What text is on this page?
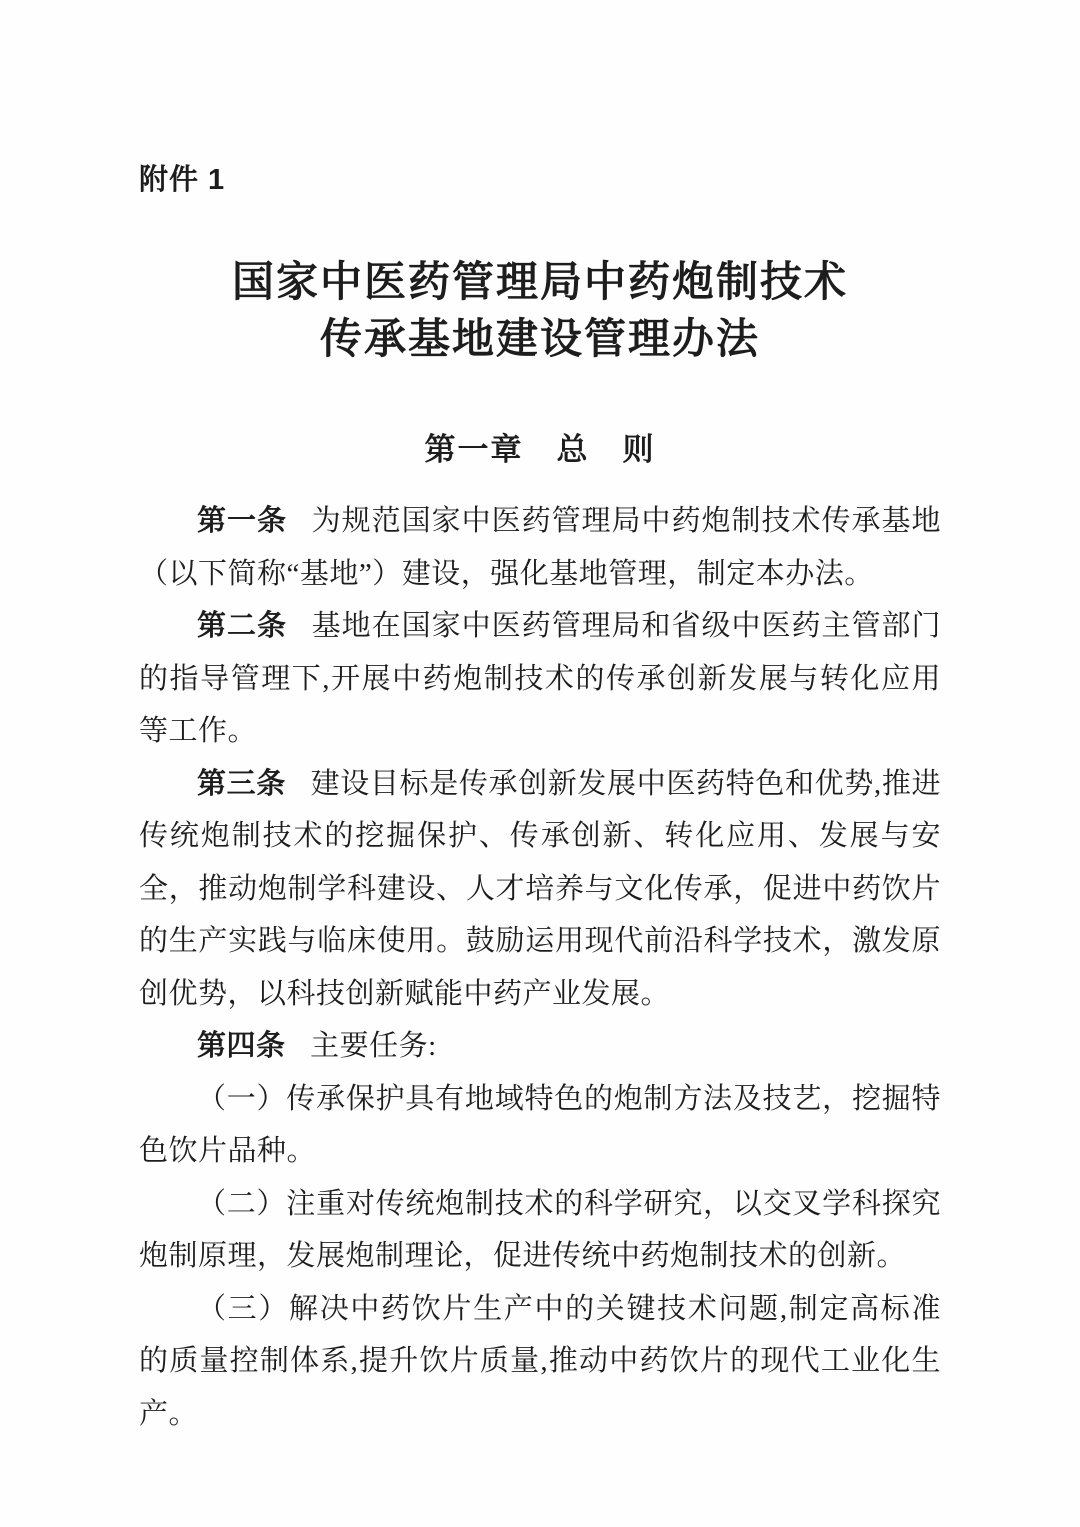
附件 1
国家中医药管理局中药炮制技术
传承基地建设管理办法
第一章　总　则

第一条 为规范国家中医药管理局中药炮制技术传承基地（以下简称“基地”）建设，强化基地管理，制定本办法。

第二条 基地在国家中医药管理局和省级中医药主管部门的指导管理下,开展中药炮制技术的传承创新发展与转化应用等工作。

第三条 建设目标是传承创新发展中医药特色和优势,推进传统炮制技术的挖掘保护、传承创新、转化应用、发展与安全，推动炮制学科建设、人才培养与文化传承，促进中药饮片的生产实践与临床使用。鼓励运用现代前沿科学技术，激发原创优势，以科技创新赋能中药产业发展。

第四条 主要任务:

（一）传承保护具有地域特色的炮制方法及技艺，挖掘特色饮片品种。

（二）注重对传统炮制技术的科学研究，以交叉学科探究炮制原理，发展炮制理论，促进传统中药炮制技术的创新。

（三）解决中药饮片生产中的关键技术问题,制定高标准的质量控制体系,提升饮片质量,推动中药饮片的现代工业化生产。
